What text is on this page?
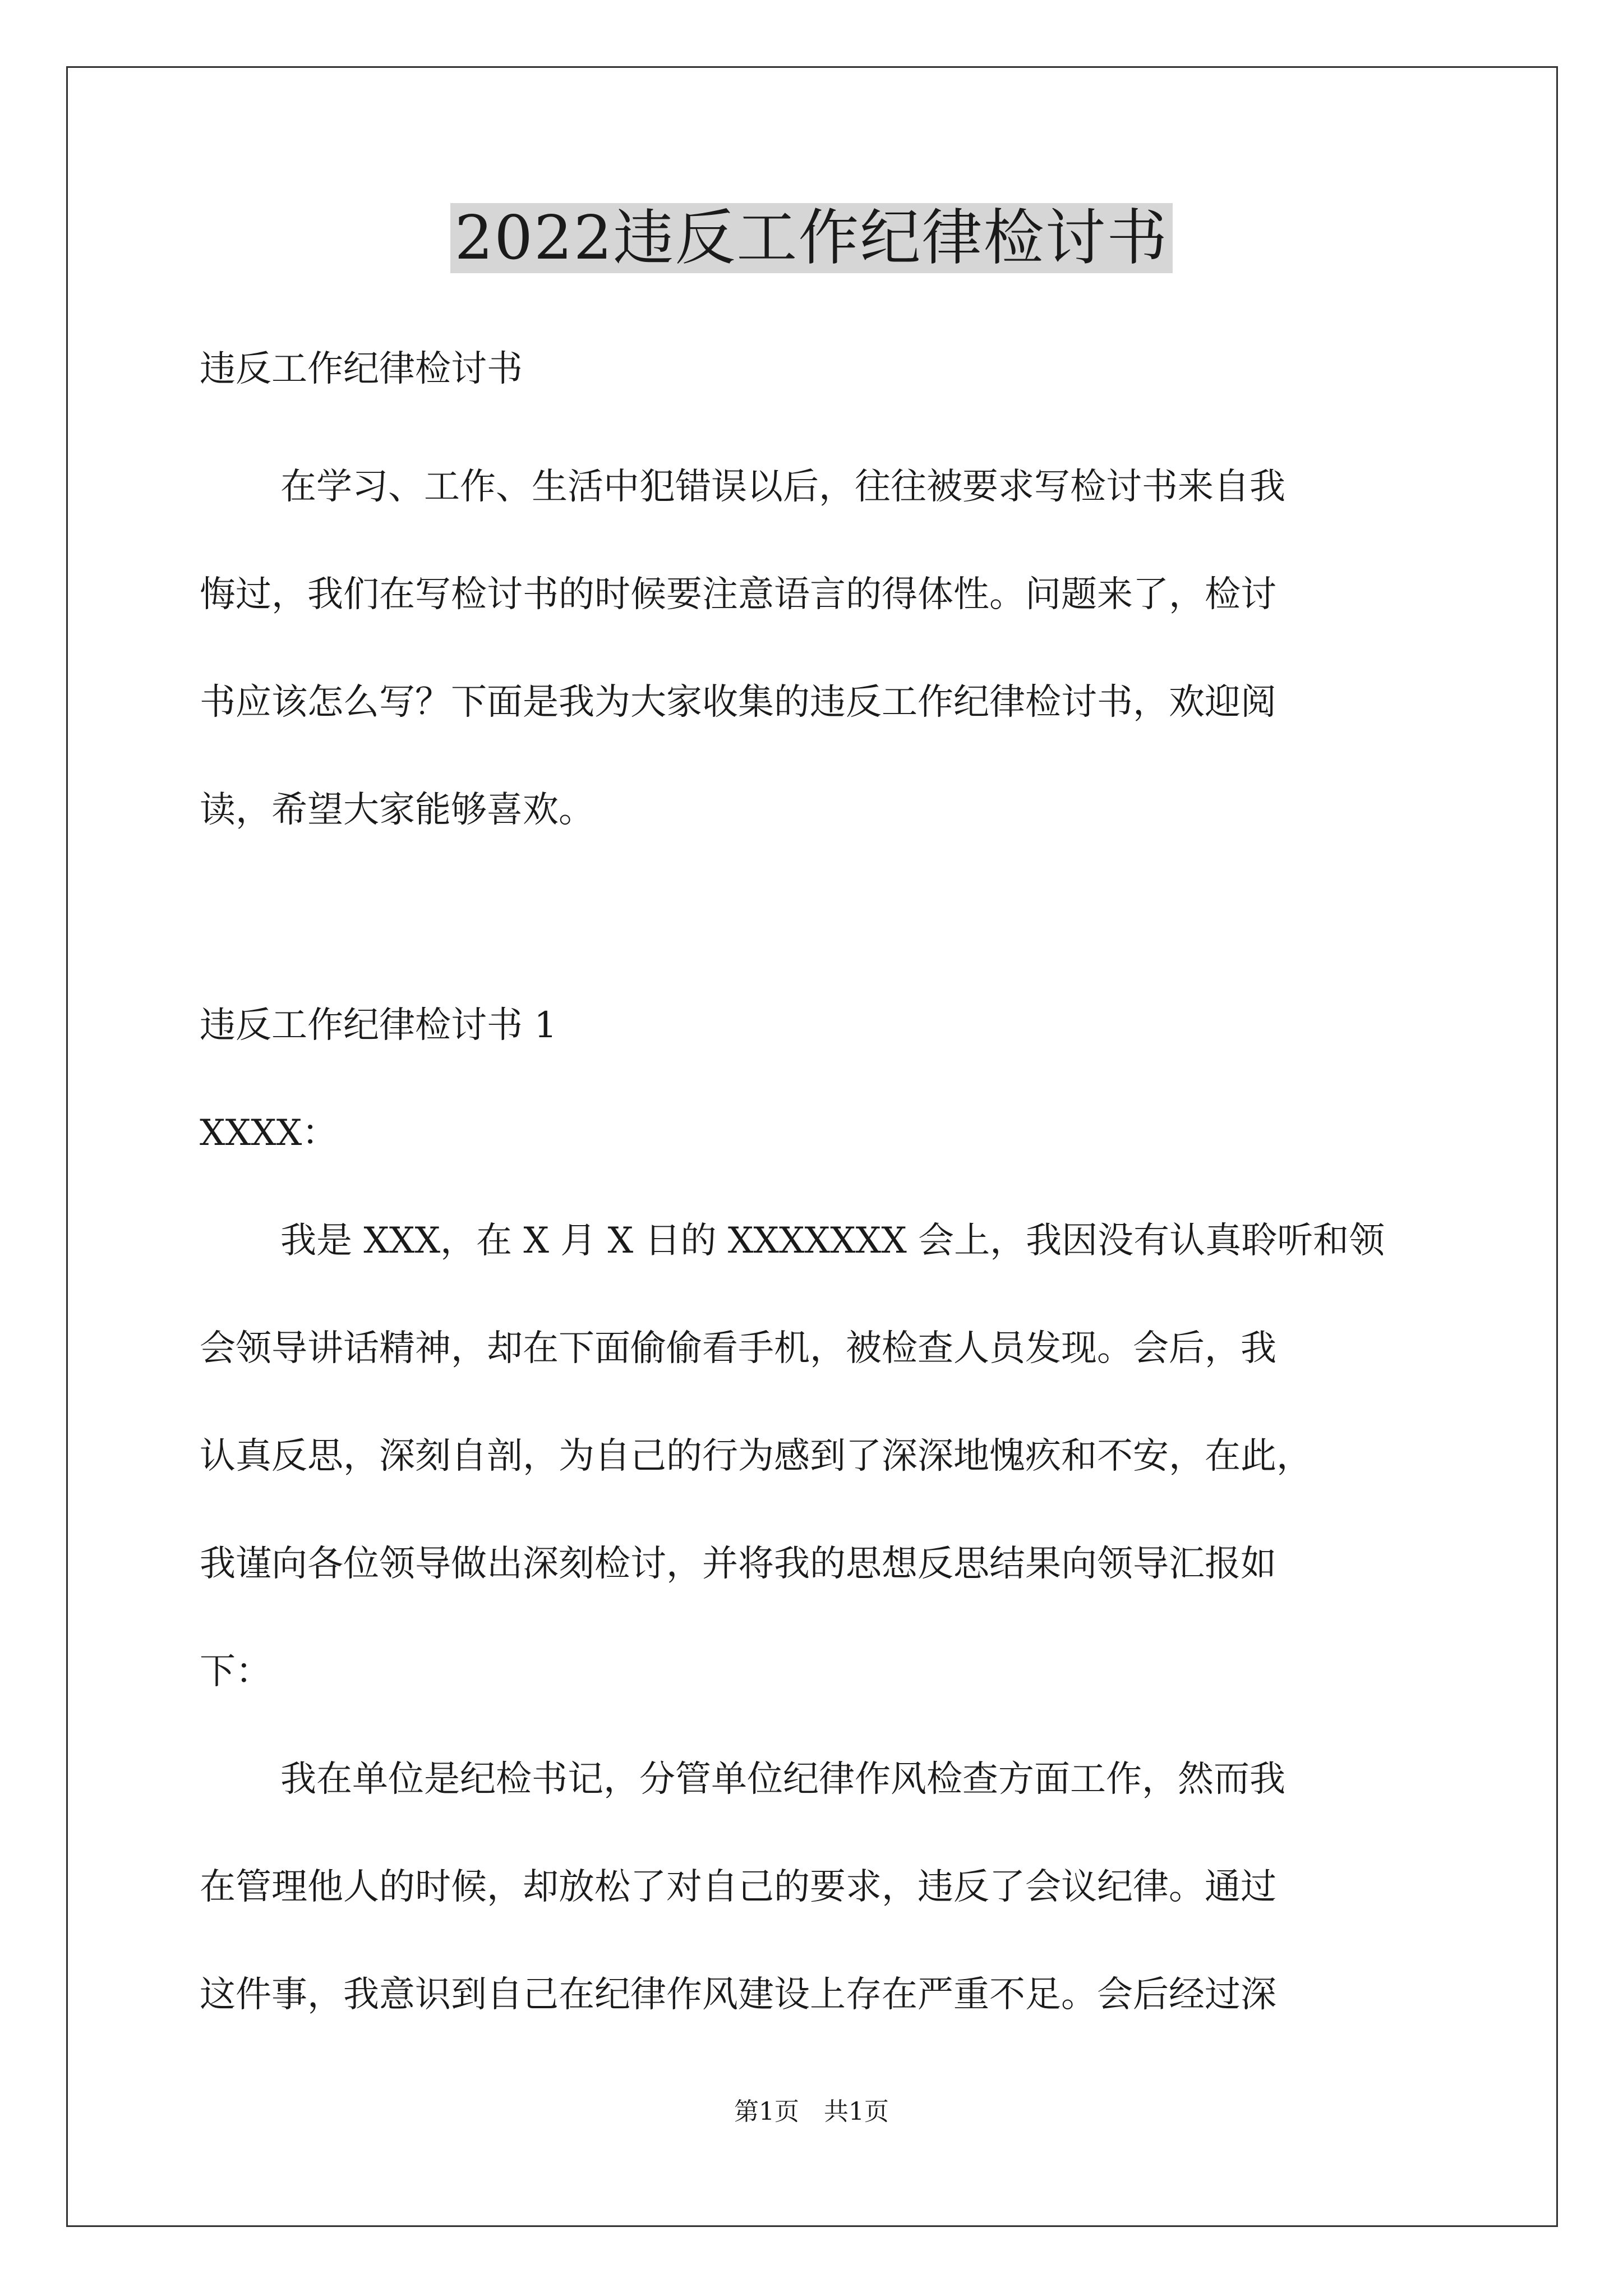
2022违反工作纪律检讨书
违反工作纪律检讨书
在学习、工作、生活中犯错误以后，往往被要求写检讨书来自我
悔过，我们在写检讨书的时候要注意语言的得体性。问题来了，检讨
书应该怎么写？下面是我为大家收集的违反工作纪律检讨书，欢迎阅
读，希望大家能够喜欢。
违反工作纪律检讨书 1
XXXX：
我是 XXX，在 X 月 X 日的 XXXXXXX 会上，我因没有认真聆听和领
会领导讲话精神，却在下面偷偷看手机，被检查人员发现。会后，我
认真反思，深刻自剖，为自己的行为感到了深深地愧疚和不安，在此，
我谨向各位领导做出深刻检讨，并将我的思想反思结果向领导汇报如
下：
我在单位是纪检书记，分管单位纪律作风检查方面工作，然而我
在管理他人的时候，却放松了对自己的要求，违反了会议纪律。通过
这件事，我意识到自己在纪律作风建设上存在严重不足。会后经过深
第1页　共1页
